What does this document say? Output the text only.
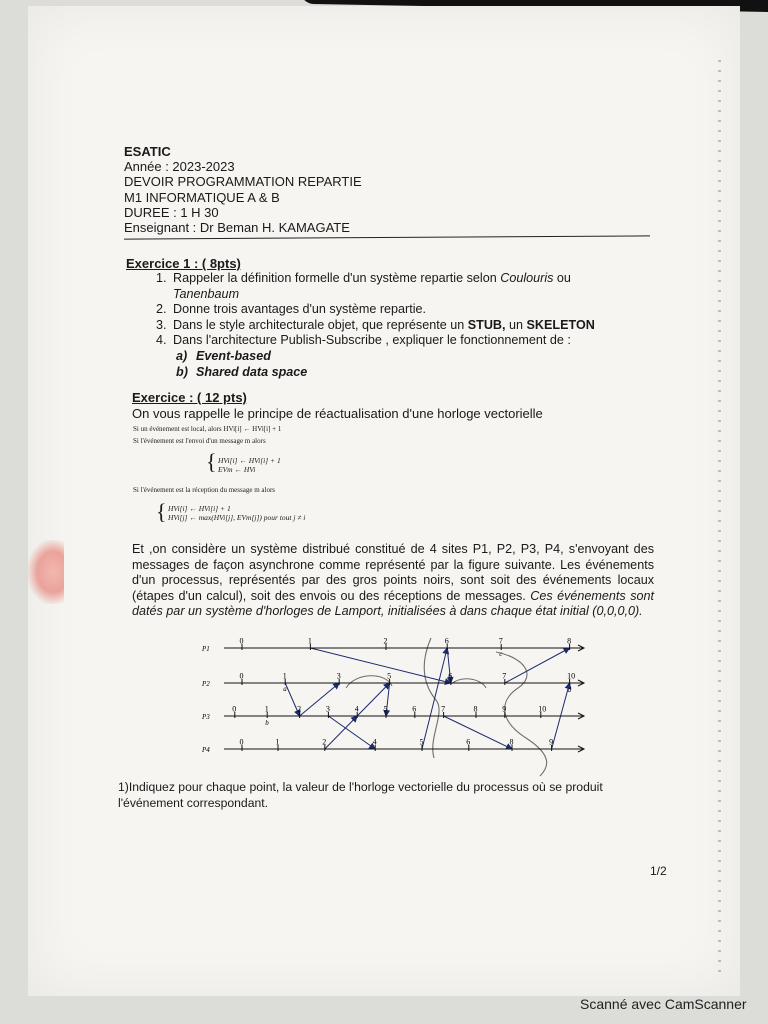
ESATIC
Année : 2023-2023
DEVOIR PROGRAMMATION REPARTIE
M1 INFORMATIQUE A & B
DUREE : 1 H 30
Enseignant : Dr Beman H. KAMAGATE
Exercice 1 : ( 8pts)
1. Rappeler la définition formelle d'un système repartie selon Coulouris ou
Tanenbaum
2. Donne trois avantages d'un système repartie.
3. Dans le style architecturale objet, que représente un STUB, un SKELETON
4. Dans l'architecture Publish-Subscribe , expliquer le fonctionnement de :
a) Event-based
b) Shared data space
Exercice : ( 12 pts)
On vous rappelle le principe de réactualisation d'une horloge vectorielle
Si un événement est local, alors HVi[i] ← HVi[i] + 1
Si l'événement est l'envoi d'un message m alors
{ HVi[i] ← HVi[i] + 1
EVm ← HVi
Si l'événement est la réception du message m alors
{ HVi[i] ← HVi[i] + 1
HVi[j] ← max(HVi[j], EVm[j]) pour tout j ≠ i
Et ,on considère un système distribué constitué de 4 sites P1, P2, P3, P4, s'envoyant des messages de façon asynchrone comme représenté par la figure suivante. Les événements d'un processus, représentés par des gros points noirs, sont soit des événements locaux (étapes d'un calcul), soit des envois ou des réceptions de messages. Ces événements sont datés par un système d'horloges de Lamport, initialisées à dans chaque état initial (0,0,0,0).
P1
0	1	2	6	7	8
P2
0	1	3	5	6	7	10
P3
0	1	2	3	4	5	6	7	8	9	10
P4
0	1	2	4	5	6	8	9
a
b
c
d
1)Indiquez pour chaque point, la valeur de l'horloge vectorielle du processus où se produit l'événement correspondant.
1/2
Scanné avec CamScanner
